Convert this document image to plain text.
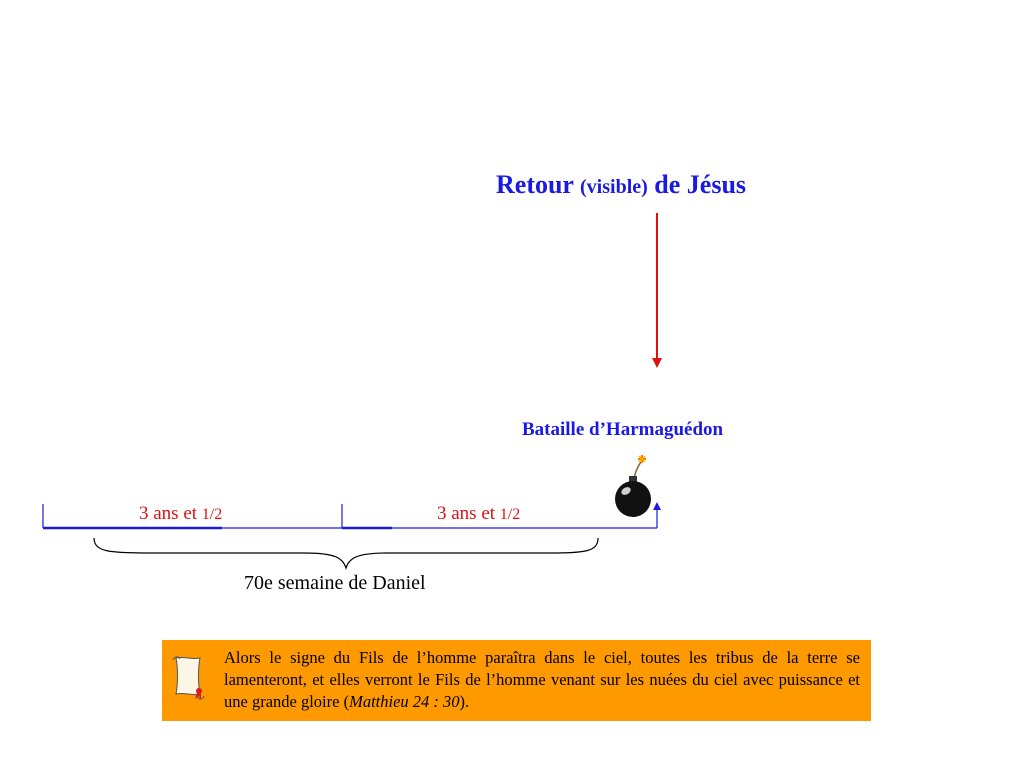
Retour (visible) de Jésus
Bataille d’Harmaguédon
3 ans et 1/2	3 ans et 1/2
70e semaine de Daniel
Alors le signe du Fils de l’homme paraîtra dans le ciel, toutes les tribus de la terre se lamenteront, et elles verront le Fils de l’homme venant sur les nuées du ciel avec puissance et une grande gloire (Matthieu 24 : 30).
